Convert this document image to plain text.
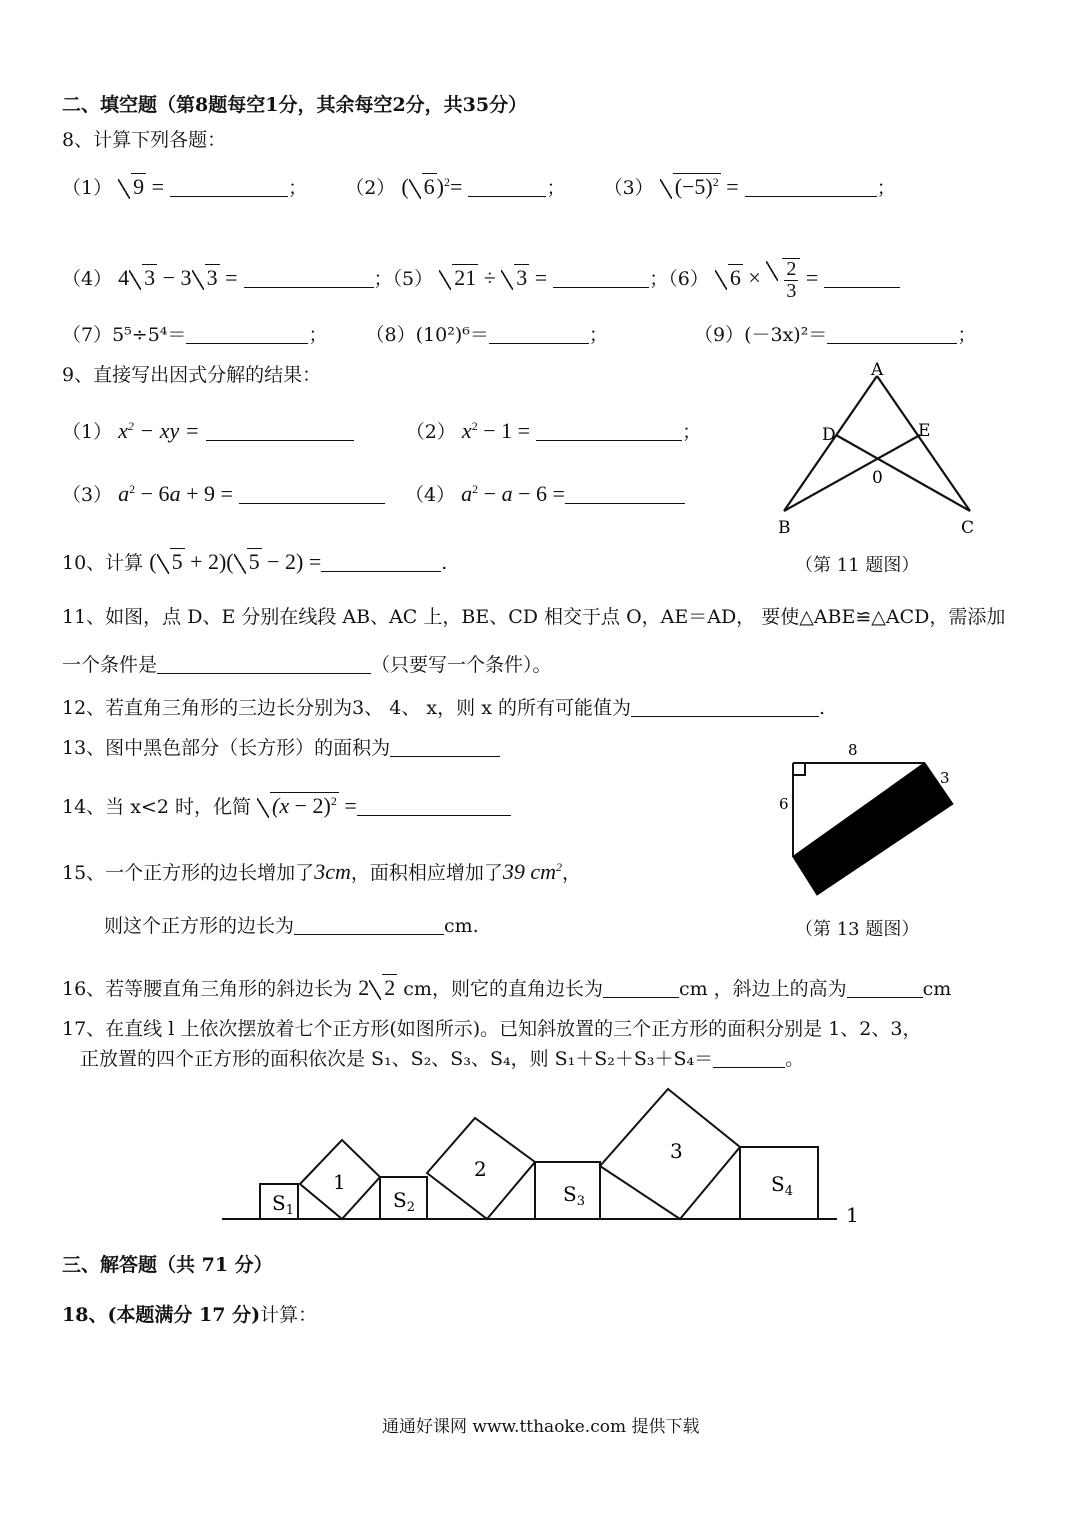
二、填空题（第8题每空1分，其余每空2分，共35分）
8、计算下列各题：
（1） 9 =	；  （2） ( 6)$^2$=	；  （3） $(-5)^2$ =	；
（4） 4 3 − 3 3 =	；（5） 21 ÷ 3 =	；（6） $6 \times \frac{2}{3}$ =
（7）5⁵÷5⁴＝	；  （8）(10²)⁶＝	；	（9）(－3x)²＝	；
9、直接写出因式分解的结果：
（1） $x^2$ − xy =	（2） $x^2 - 1$ =	；
（3） $a^2 - 6a + 9$ =	（4） $a^2 - a - 6$ =
A
D	E
0
B	C
（第 11 题图）
10、计算 ( 5 + 2)( 5 − 2) =	.
11、如图，点 D、E 分别在线段 AB、AC 上，BE、CD 相交于点 O，AE＝AD， 要使△ABE≌△ACD，需添加
一个条件是	（只要写一个条件）。
12、若直角三角形的三边长分别为3、 4、 x，则 x 的所有可能值为	.
13、图中黑色部分（长方形）的面积为	8
6
3
（第 13 题图）
14、当 x<2 时，化简 $(x - 2)^2$ =
15、一个正方形的边长增加了3cm，面积相应增加了39 $cm^2$，
则这个正方形的边长为	cm.
16、若等腰直角三角形的斜边长为 2 2 cm，则它的直角边长为	cm ，斜边上的高为	cm
17、在直线 l 上依次摆放着七个正方形(如图所示)。已知斜放置的三个正方形的面积分别是 1、2、3，
正放置的四个正方形的面积依次是 S₁、S₂、S₃、S₄，则 S₁＋S₂＋S₃＋S₄＝	。
$S_1$
1
$S_2$
2
$S_3$
3
$S_4$
1
三、解答题（共 71 分）
18、(本题满分 17 分)计算：
通通好课网 www.tthaoke.com 提供下载
